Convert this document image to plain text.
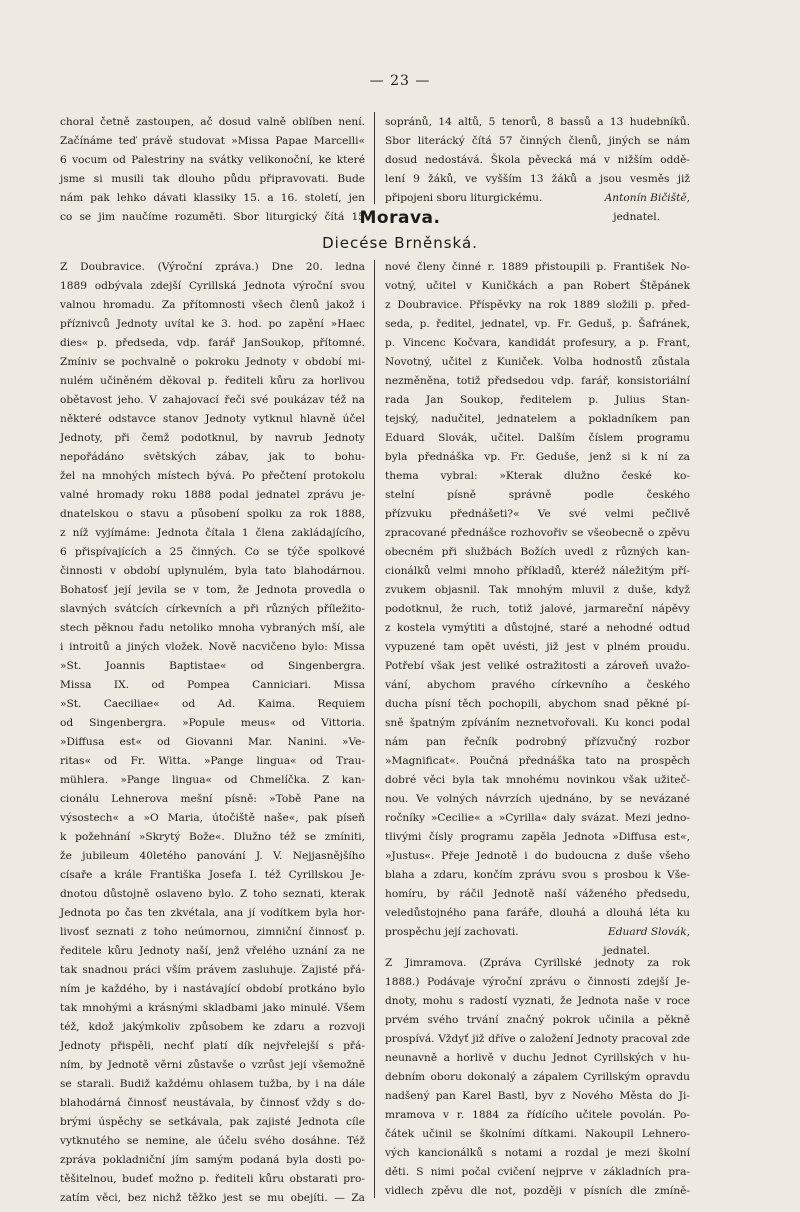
— 23 —

choral četně zastoupen, ač dosud valně oblíben není.

Začínáme teď právě studovat »Missa Papae Marcelli«

6 vocum od Palestriny na svátky velikonoční, ke které

jsme si musili tak dlouho půdu připravovati. Bude

nám pak lehko dávati klassiky 15. a 16. století, jen

co se jim naučíme rozuměti. Sbor liturgický čítá 15

sopránů, 14 altů, 5 tenorů, 8 bassů a 13 hudebníků.

Sbor literácký čítá 57 činných členů, jiných se nám

dosud nedostává. Škola pěvecká má v nižším oddě-

lení 9 žáků, ve vyšším 13 žáků a jsou vesměs již

připojeni sboru liturgickému.	Antonín Bičiště,

jednatel.

Morava.
Diecése Brněnská.

Z Doubravice. (Výroční zpráva.) Dne 20. ledna

1889 odbývala zdejší Cyrillská Jednota výroční svou

valnou hromadu. Za přítomnosti všech členů jakož i

příznivců Jednoty uvítal ke 3. hod. po zapění »Haec

dies« p. předseda, vdp. farář JanSoukop, přítomné.

Zmíniv se pochvalně o pokroku Jednoty v období mi-

nulém učiněném děkoval p. řediteli kůru za horlivou

obětavost jeho. V zahajovací řeči své poukázav též na

některé odstavce stanov Jednoty vytknul hlavně účel

Jednoty, při čemž podotknul, by navrub Jednoty

nepořádáno světských zábav, jak to bohu-

žel na mnohých místech bývá. Po přečtení protokolu

valné hromady roku 1888 podal jednatel zprávu je-

dnatelskou o stavu a působení spolku za rok 1888,

z níž vyjímáme: Jednota čítala 1 člena zakládajícího,

6 přispívajících a 25 činných. Co se týče spolkové

činnosti v období uplynulém, byla tato blahodárnou.

Bohatosť její jevila se v tom, že Jednota provedla o

slavných svátcích církevních a při různých příležito-

stech pěknou řadu netoliko mnoha vybraných mší, ale

i introitů a jiných vložek. Nově nacvičeno bylo: Missa

»St. Joannis Baptistae« od Singenbergra.

Missa IX. od Pompea Canniciari. Missa

»St. Caeciliae« od Ad. Kaima. Requiem

od Singenbergra. »Popule meus« od Vittoria.

»Diffusa est« od Giovanni Mar. Nanini. »Ve-

ritas« od Fr. Witta. »Pange lingua« od Trau-

mühlera. »Pange lingua« od Chmelíčka. Z kan-

cionálu Lehnerova mešní písně: »Tobě Pane na

výsostech« a »O Maria, útočiště naše«, pak píseň

k požehnání »Skrytý Bože«. Dlužno též se zmíniti,

že jubileum 40letého panování J. V. Nejjasnějšího

císaře a krále Františka Josefa I. též Cyrillskou Je-

dnotou důstojně oslaveno bylo. Z toho seznati, kterak

Jednota po čas ten zkvétala, ana jí vodítkem byla hor-

livosť seznati z toho neúmornou, zimniční činnosť p.

ředitele kůru Jednoty naší, jenž vřelého uznání za ne

tak snadnou práci vším právem zasluhuje. Zajisté přá-

ním je každého, by i nastávající období protkáno bylo

tak mnohými a krásnými skladbami jako minulé. Všem

též, kdož jakýmkoliv způsobem ke zdaru a rozvoji

Jednoty přispěli, nechť platí dík nejvřelejší s přá-

ním, by Jednotě věrni zůstavše o vzrůst její všemožně

se starali. Budiž každému ohlasem tužba, by i na dále

blahodárná činnosť neustávala, by činnosť vždy s do-

brými úspěchy se setkávala, pak zajisté Jednota cíle

vytknutého se nemine, ale účelu svého dosáhne. Též

zpráva pokladniční jím samým podaná byla dosti po-

těšitelnou, budeť možno p. řediteli kůru obstarati pro-

zatím věci, bez nichž těžko jest se mu obejíti. — Za

nové členy činné r. 1889 přistoupili p. František No-

votný, učitel v Kuničkách a pan Robert Štěpánek

z Doubravice. Příspěvky na rok 1889 složili p. před-

seda, p. ředitel, jednatel, vp. Fr. Geduš, p. Šafránek,

p. Vincenc Kočvara, kandidát profesury, a p. Frant,

Novotný, učitel z Kuniček. Volba hodnostů zůstala

nezměněna, totiž předsedou vdp. farář, konsistoriální

rada Jan Soukop, ředitelem p. Julius Stan-

tejský, nadučitel, jednatelem a pokladníkem pan

Eduard Slovák, učitel. Dalším číslem programu

byla přednáška vp. Fr. Geduše, jenž si k ní za

thema vybral: »Kterak dlužno české ko-

stelní písně správně podle českého

přízvuku přednášeti?« Ve své velmi pečlivě

zpracované přednášce rozhovořiv se všeobecně o zpěvu

obecném při službách Božích uvedl z různých kan-

cionálků velmi mnoho příkladů, kteréž náležitým pří-

zvukem objasnil. Tak mnohým mluvil z duše, když

podotknul, že ruch, totiž jalové, jarmareční nápěvy

z kostela vymýtiti a důstojné, staré a nehodné odtud

vypuzené tam opět uvésti, již jest v plném proudu.

Potřebí však jest veliké ostražitosti a zároveň uvažo-

vání, abychom pravého církevního a českého

ducha písní těch pochopili, abychom snad pěkné pí-

sně špatným zpíváním neznetvořovali. Ku konci podal

nám pan řečník podrobný přízvučný rozbor

»Magnificat«. Poučná přednáška tato na prospěch

dobré věci byla tak mnohému novinkou však užiteč-

nou. Ve volných návrzích ujednáno, by se nevázané

ročníky »Cecilie« a »Cyrilla« daly svázat. Mezi jedno-

tlivými čísly programu zapěla Jednota »Diffusa est«,

»Justus«. Přeje Jednotě i do budoucna z duše všeho

blaha a zdaru, končím zprávu svou s prosbou k Vše-

homíru, by ráčil Jednotě naší váženého předsedu,

veledůstojného pana faráře, dlouhá a dlouhá léta ku

prospěchu její zachovati.	Eduard Slovák,

jednatel.

Z Jimramova. (Zpráva Cyrillské jednoty za rok

1888.) Podávaje výroční zprávu o činnosti zdejší Je-

dnoty, mohu s radostí vyznati, že Jednota naše v roce

prvém svého trvání značný pokrok učinila a pěkně

prospívá. Vždyť již dříve o založení Jednoty pracoval zde

neunavně a horlivě v duchu Jednot Cyrillských v hu-

debním oboru dokonalý a zápalem Cyrillským opravdu

nadšený pan Karel Bastl, byv z Nového Města do Ji-

mramova v r. 1884 za řídícího učitele povolán. Po-

čátek učinil se školními dítkami. Nakoupil Lehnero-

vých kancionálků s notami a rozdal je mezi školní

děti. S nimi počal cvičení nejprve v základních pra-

vidlech zpěvu dle not, později v písních dle zmíně-
